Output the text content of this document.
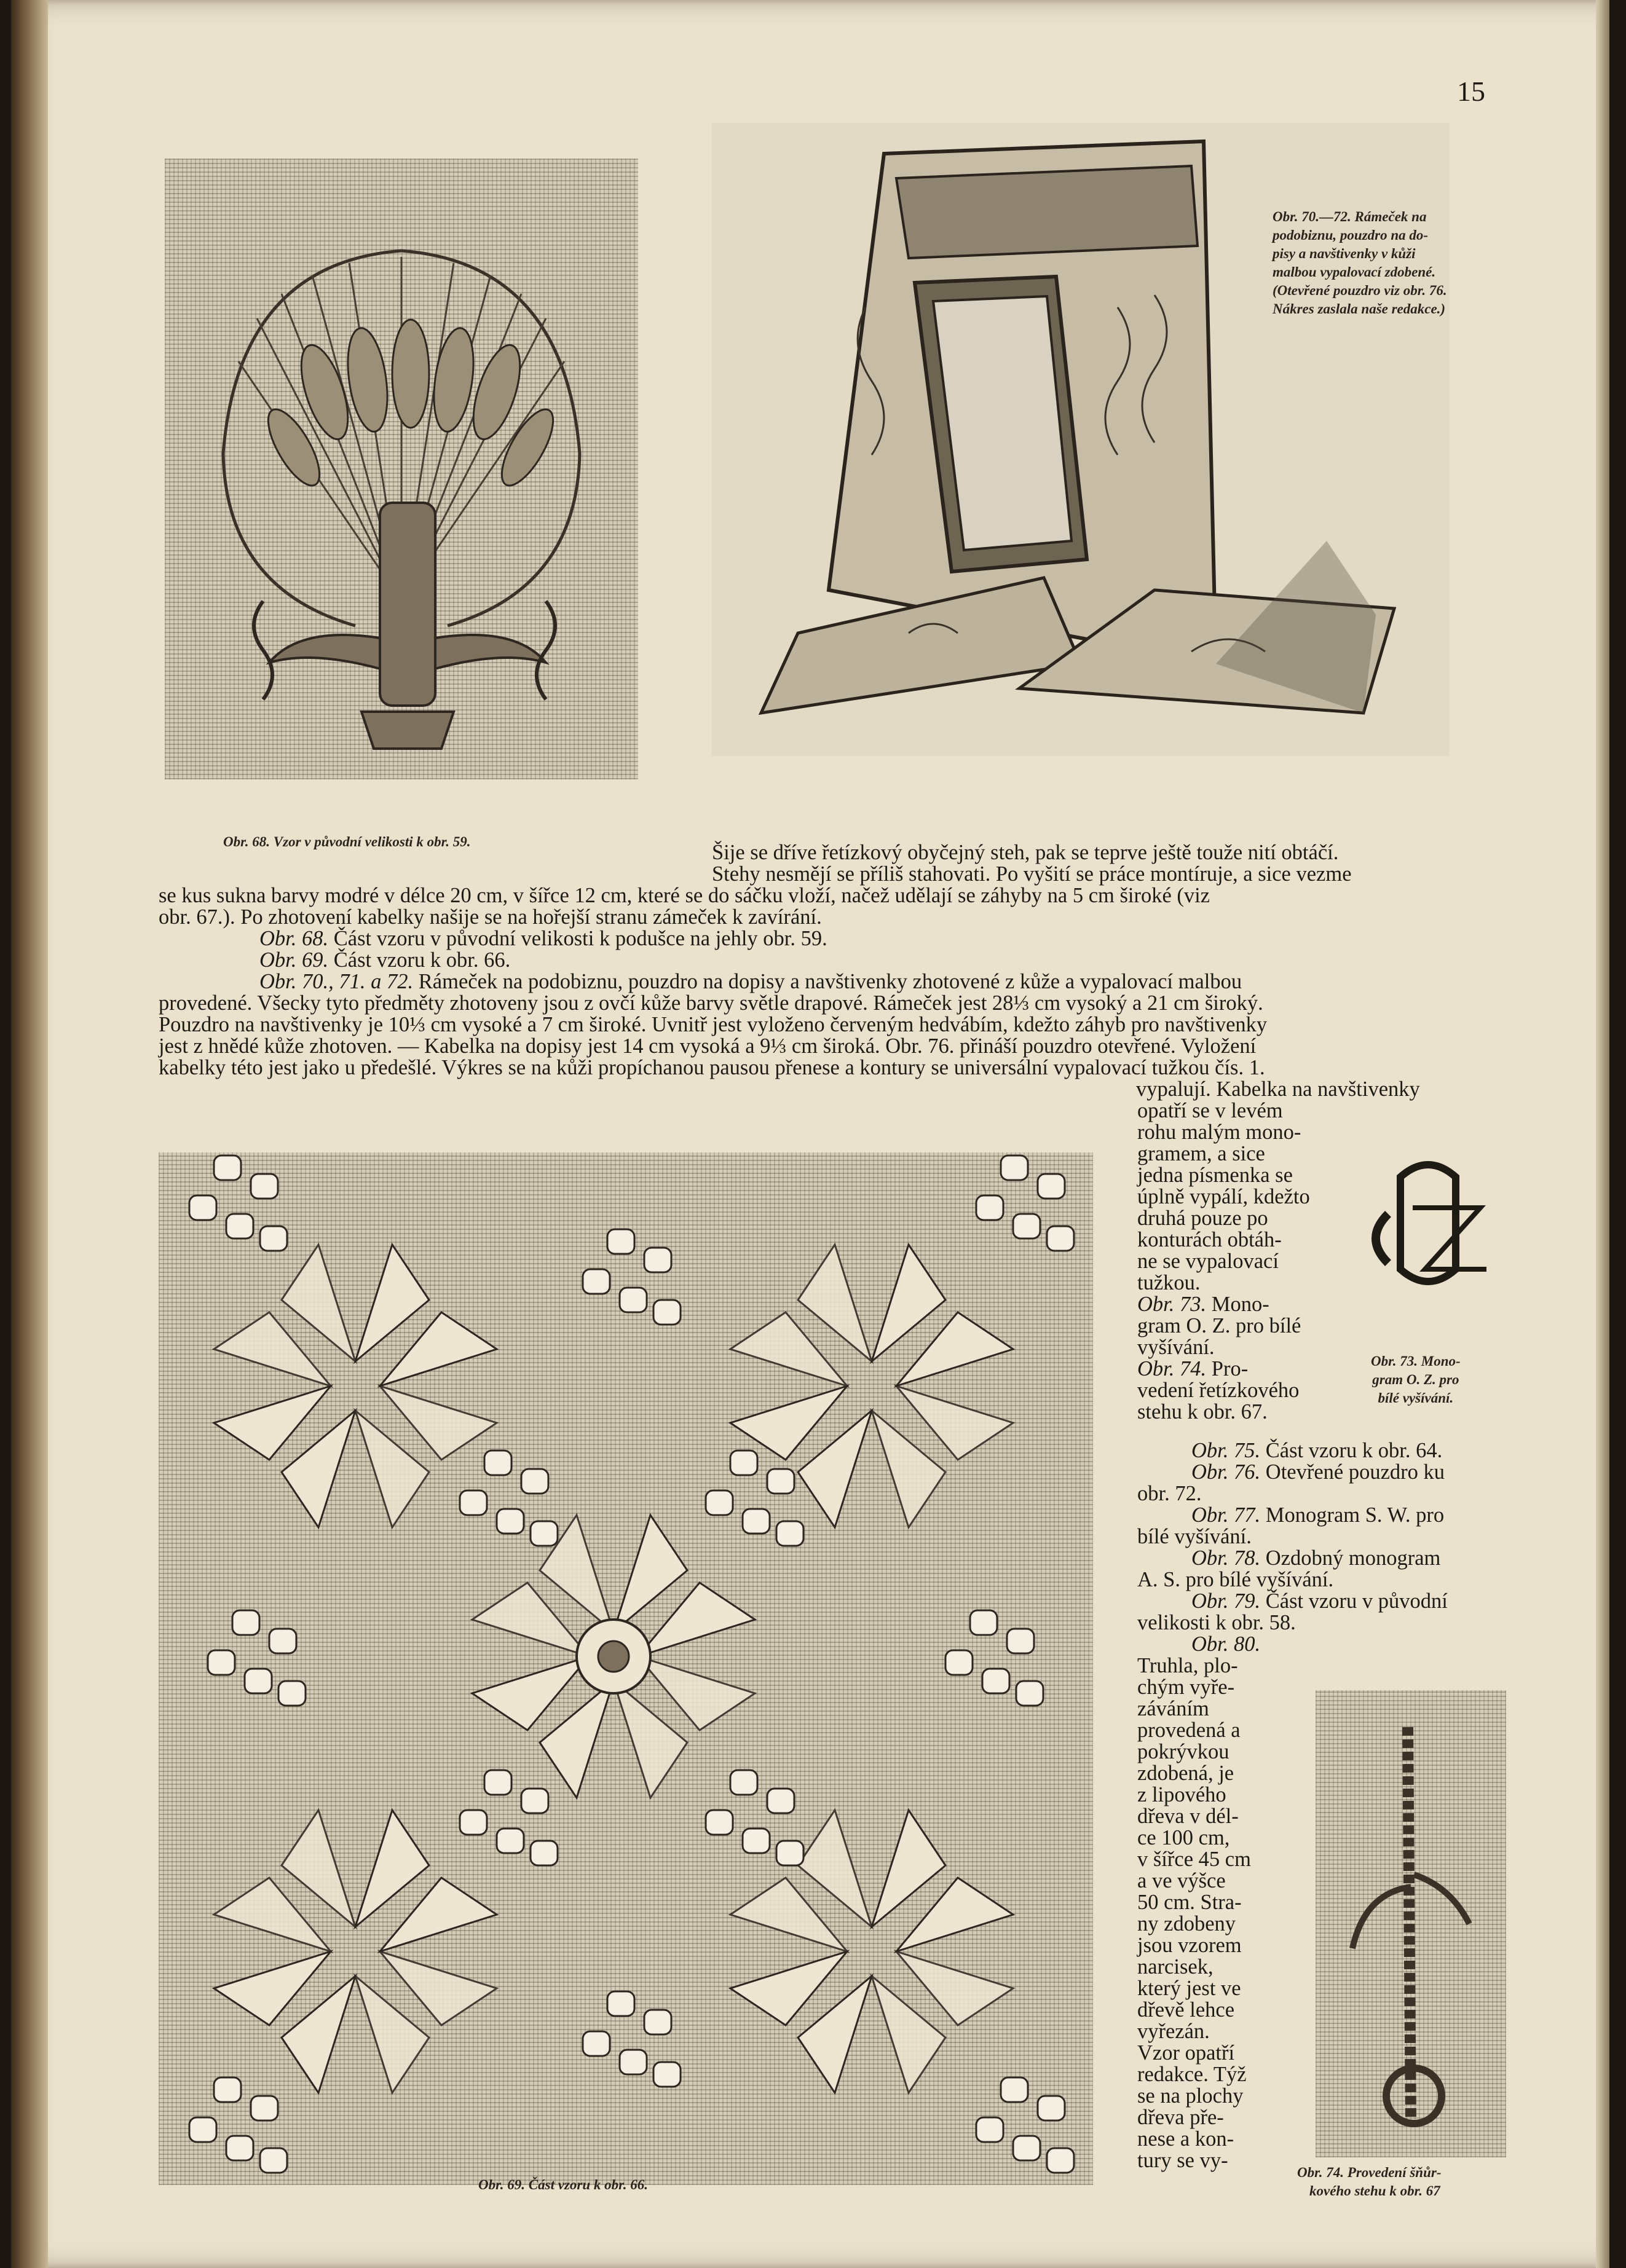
15
Obr. 68. Vzor v původní velikosti k obr. 59.
Obr. 70.—72. Rámeček na
podobiznu, pouzdro na do-
pisy a navštivenky v kůži
malbou vypalovací zdobené.
(Otevřené pouzdro viz obr. 76.
Nákres zaslala naše redakce.)
Šije se dříve řetízkový obyčejný steh, pak se teprve ještě touže nití obtáčí.
Stehy nesmějí se příliš stahovati. Po vyšití se práce montíruje, a sice vezme
se kus sukna barvy modré v délce 20 cm, v šířce 12 cm, které se do sáčku vloží, načež udělají se záhyby na 5 cm široké (viz
obr. 67.). Po zhotovení kabelky našije se na hořejší stranu zámeček k zavírání.
Obr. 68. Část vzoru v původní velikosti k podušce na jehly obr. 59.
Obr. 69. Část vzoru k obr. 66.
Obr. 70., 71. a 72. Rámeček na podobiznu, pouzdro na dopisy a navštivenky zhotovené z kůže a vypalovací malbou
provedené. Všecky tyto předměty zhotoveny jsou z ovčí kůže barvy světle drapové. Rámeček jest 28⅓ cm vysoký a 21 cm široký.
Pouzdro na navštivenky je 10⅓ cm vysoké a 7 cm široké. Uvnitř jest vyloženo červeným hedvábím, kdežto záhyb pro navštivenky
jest z hnědé kůže zhotoven. — Kabelka na dopisy jest 14 cm vysoká a 9⅓ cm široká. Obr. 76. přináší pouzdro otevřené. Vyložení
kabelky této jest jako u předešlé. Výkres se na kůži propíchanou pausou přenese a kontury se universální vypalovací tužkou čís. 1.
vypalují. Kabelka na navštivenky
Obr. 69. Část vzoru k obr. 66.
opatří se v levém
rohu malým mono-
gramem, a sice
jedna písmenka se
úplně vypálí, kdežto
druhá pouze po
konturách obtáh-
ne se vypalovací
tužkou.
Obr. 73. Mono-
gram O. Z. pro bílé
vyšívání.
Obr. 74. Pro-
vedení řetízkového
stehu k obr. 67.
Obr. 73. Mono-
gram O. Z. pro
bílé vyšívání.
Obr. 75. Část vzoru k obr. 64.
Obr. 76. Otevřené pouzdro ku
obr. 72.
Obr. 77. Monogram S. W. pro
bílé vyšívání.
Obr. 78. Ozdobný monogram
A. S. pro bílé vyšívání.
Obr. 79. Část vzoru v původní
velikosti k obr. 58.
Obr. 80.
Truhla, plo-
chým vyře-
záváním
provedená a
pokrývkou
zdobená, je
z lipového
dřeva v dél-
ce 100 cm,
v šířce 45 cm
a ve výšce
50 cm. Stra-
ny zdobeny
jsou vzorem
narcisek,
který jest ve
dřevě lehce
vyřezán.
Vzor opatří
redakce. Týž
se na plochy
dřeva pře-
nese a kon-
tury se vy-
Obr. 74. Provedení šňůr-
kového stehu k obr. 67
